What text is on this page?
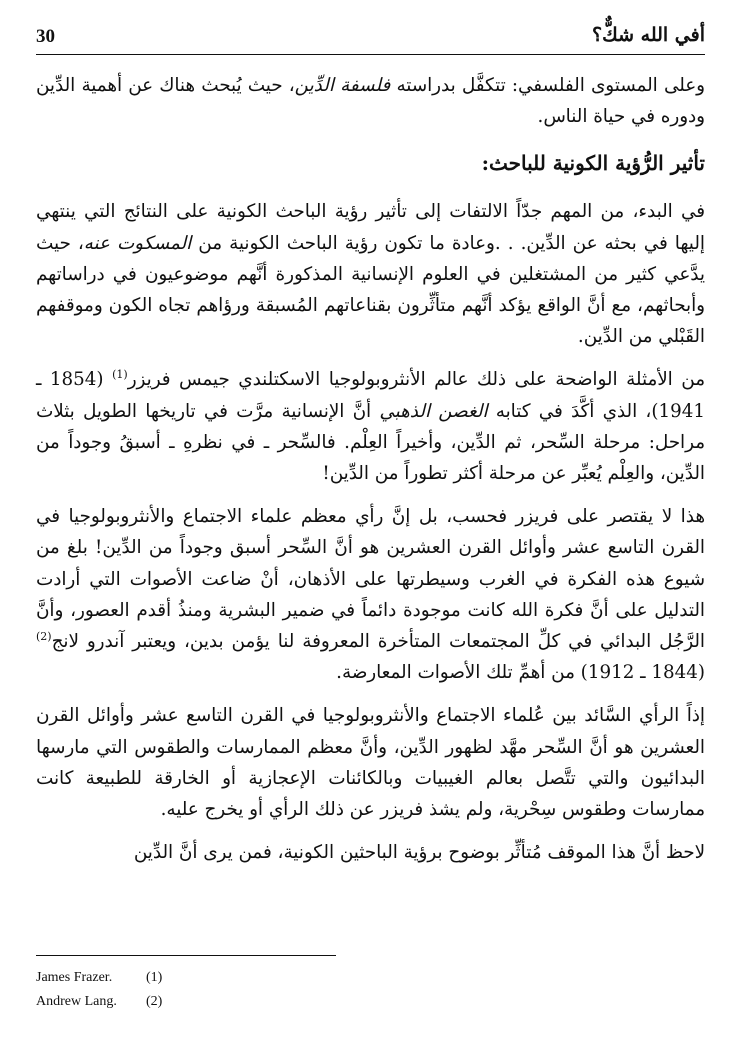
30	أفي الله شكٌّ؟

وعلى المستوى الفلسفي: تتكفَّل بدراسته فلسفة الدِّين، حيث يُبحث هناك عن أهمية الدِّين ودوره في حياة الناس.

تأثير الرُّؤية الكونية للباحث:

في البدء، من المهم جدّاً الالتفات إلى تأثير رؤية الباحث الكونية على النتائج التي ينتهي إليها في بحثه عن الدِّين. . .وعادة ما تكون رؤية الباحث الكونية من المسكوت عنه، حيث يدَّعي كثير من المشتغلين في العلوم الإنسانية المذكورة أنَّهم موضوعيون في دراساتهم وأبحاثهم، مع أنَّ الواقع يؤكد أنَّهم متأثِّرون بقناعاتهم المُسبقة ورؤاهم تجاه الكون وموقفهم القَبْلي من الدِّين.

من الأمثلة الواضحة على ذلك عالم الأنثروبولوجيا الاسكتلندي جيمس فريزر$^{(1)}$ (1854 ـ 1941)، الذي أكَّدَ في كتابه الغصن الذهبي أنَّ الإنسانية مرَّت في تاريخها الطويل بثلاث مراحل: مرحلة السِّحر، ثم الدِّين، وأخيراً العِلْم. فالسِّحر ـ في نظرهِ ـ أسبقُ وجوداً من الدِّين، والعِلْم يُعبِّر عن مرحلة أكثر تطوراً من الدِّين!

هذا لا يقتصر على فريزر فحسب، بل إنَّ رأي معظم علماء الاجتماع والأنثروبولوجيا في القرن التاسع عشر وأوائل القرن العشرين هو أنَّ السِّحر أسبق وجوداً من الدِّين! بلغ من شيوع هذه الفكرة في الغرب وسيطرتها على الأذهان، أنْ ضاعت الأصوات التي أرادت التدليل على أنَّ فكرة الله كانت موجودة دائماً في ضمير البشرية ومنذُ أقدم العصور، وأنَّ الرَّجُل البدائي في كلِّ المجتمعات المتأخرة المعروفة لنا يؤمن بدين، ويعتبر آندرو لانج$^{(2)}$ (1844 ـ 1912) من أهمِّ تلك الأصوات المعارضة.

إذاً الرأي السَّائد بين عُلماء الاجتماع والأنثروبولوجيا في القرن التاسع عشر وأوائل القرن العشرين هو أنَّ السِّحر مهَّد لظهور الدِّين، وأنَّ معظم الممارسات والطقوس التي مارسها البدائيون والتي تتَّصل بعالم الغيبيات وبالكائنات الإعجازية أو الخارقة للطبيعة كانت ممارسات وطقوس سِحْرية، ولم يشذ فريزر عن ذلك الرأي أو يخرج عليه.

لاحظ أنَّ هذا الموقف مُتأثِّر بوضوح برؤية الباحثين الكونية، فمن يرى أنَّ الدِّين

James Frazer.	(1)
Andrew Lang.	(2)
